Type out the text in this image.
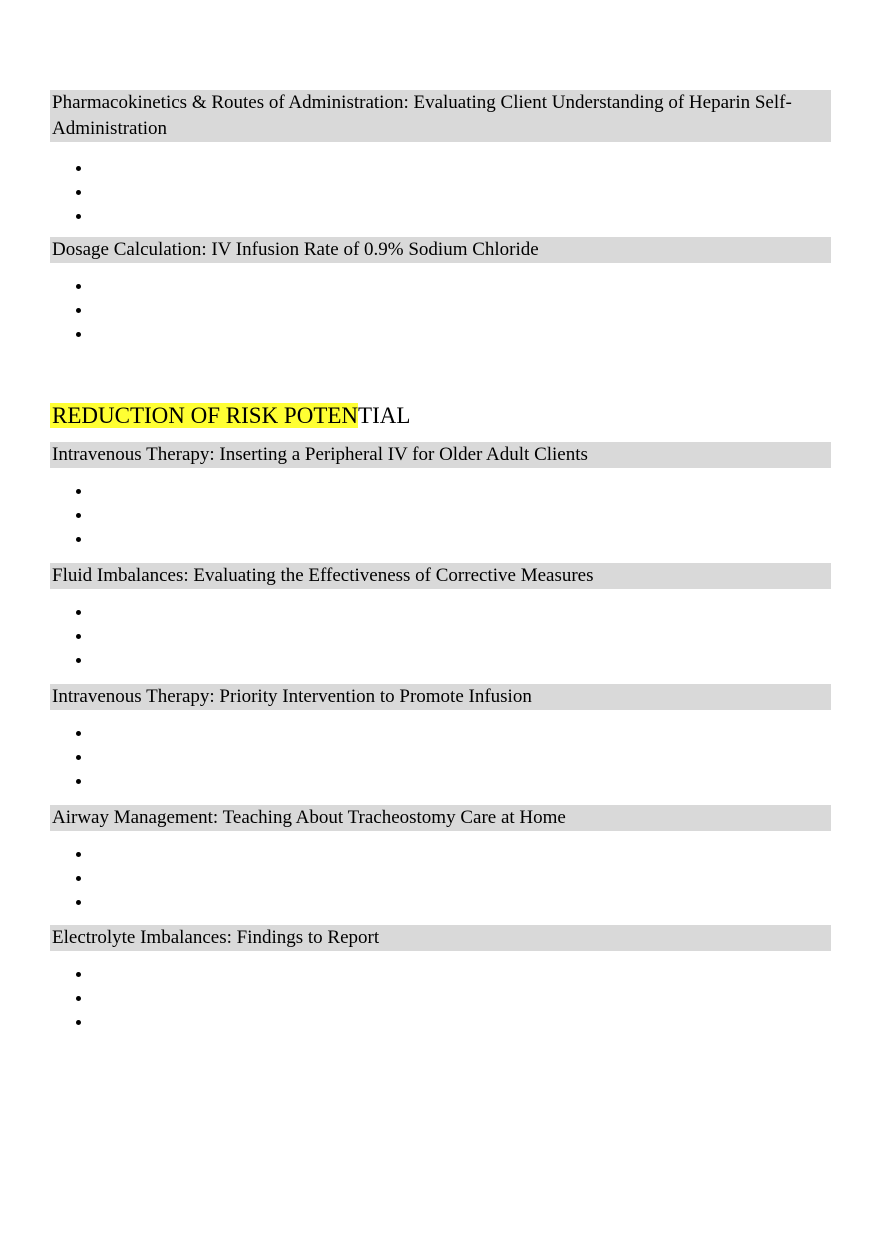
Pharmacokinetics & Routes of Administration: Evaluating Client Understanding of Heparin Self-Administration
Dosage Calculation: IV Infusion Rate of 0.9% Sodium Chloride
REDUCTION OF RISK POTENTIAL
Intravenous Therapy: Inserting a Peripheral IV for Older Adult Clients
Fluid Imbalances: Evaluating the Effectiveness of Corrective Measures
Intravenous Therapy: Priority Intervention to Promote Infusion
Airway Management: Teaching About Tracheostomy Care at Home
Electrolyte Imbalances: Findings to Report
